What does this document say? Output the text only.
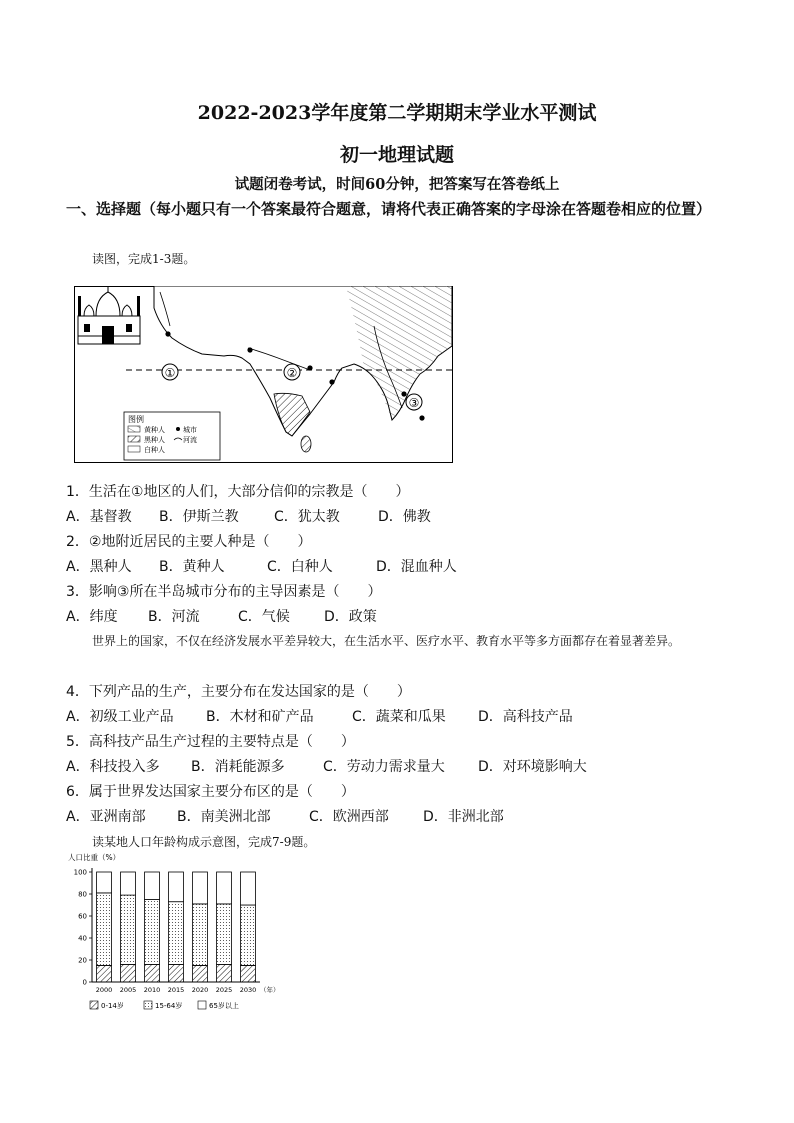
2022-2023学年度第二学期期末学业水平测试
初一地理试题
试题闭卷考试，时间60分钟，把答案写在答卷纸上
一、选择题（每小题只有一个答案最符合题意，请将代表正确答案的字母涂在答题卷相应的位置）
读图，完成1-3题。
①	②
③
图例
黄种人
黑种人
白种人
城市
河流
1．生活在①地区的人们，大部分信仰的宗教是（　　）
A．基督教 B．伊斯兰教	C．犹太教	D．佛教
2．②地附近居民的主要人种是（　　）
A．黑种人 B．黄种人	C．白种人	D．混血种人
3．影响③所在半岛城市分布的主导因素是（　　）
A．纬度 B．河流	C．气候 D．政策
世界上的国家，不仅在经济发展水平差异较大，在生活水平、医疗水平、教育水平等多方面都存在着显著差异。
4．下列产品的生产，主要分布在发达国家的是（　　）
A．初级工业产品 B．木材和矿产品	C．蔬菜和瓜果 D．高科技产品
5．高科技产品生产过程的主要特点是（　　）
A．科技投入多 B．消耗能源多	C．劳动力需求量大 D．对环境影响大
6．属于世界发达国家主要分布区的是（　　）
A．亚洲南部 B．南美洲北部	C．欧洲西部 D．非洲北部
读某地人口年龄构成示意图，完成7-9题。
人口比重（%）
0
20
40
60
80
100
2000 2005 2010 2015 2020 2025 2030 （年）
0-14岁	15-64岁	65岁以上
